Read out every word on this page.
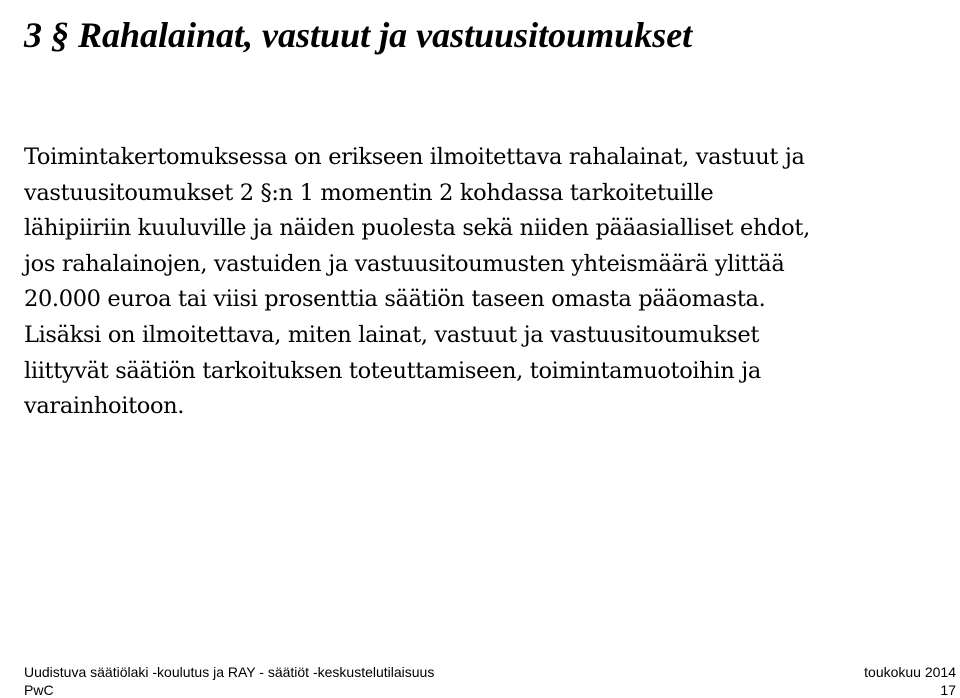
3 § Rahalainat, vastuut ja vastuusitoumukset
Toimintakertomuksessa on erikseen ilmoitettava rahalainat, vastuut ja
vastuusitoumukset 2 §:n 1 momentin 2 kohdassa tarkoitetuille
lähipiiriin kuuluville ja näiden puolesta sekä niiden pääasialliset ehdot,
jos rahalainojen, vastuiden ja vastuusitoumusten yhteismäärä ylittää
20.000 euroa tai viisi prosenttia säätiön taseen omasta pääomasta.
Lisäksi on ilmoitettava, miten lainat, vastuut ja vastuusitoumukset
liittyvät säätiön tarkoituksen toteuttamiseen, toimintamuotoihin ja
varainhoitoon.
Uudistuva säätiölaki -koulutus ja RAY - säätiöt -keskustelutilaisuus	toukokuu 2014
PwC	17
